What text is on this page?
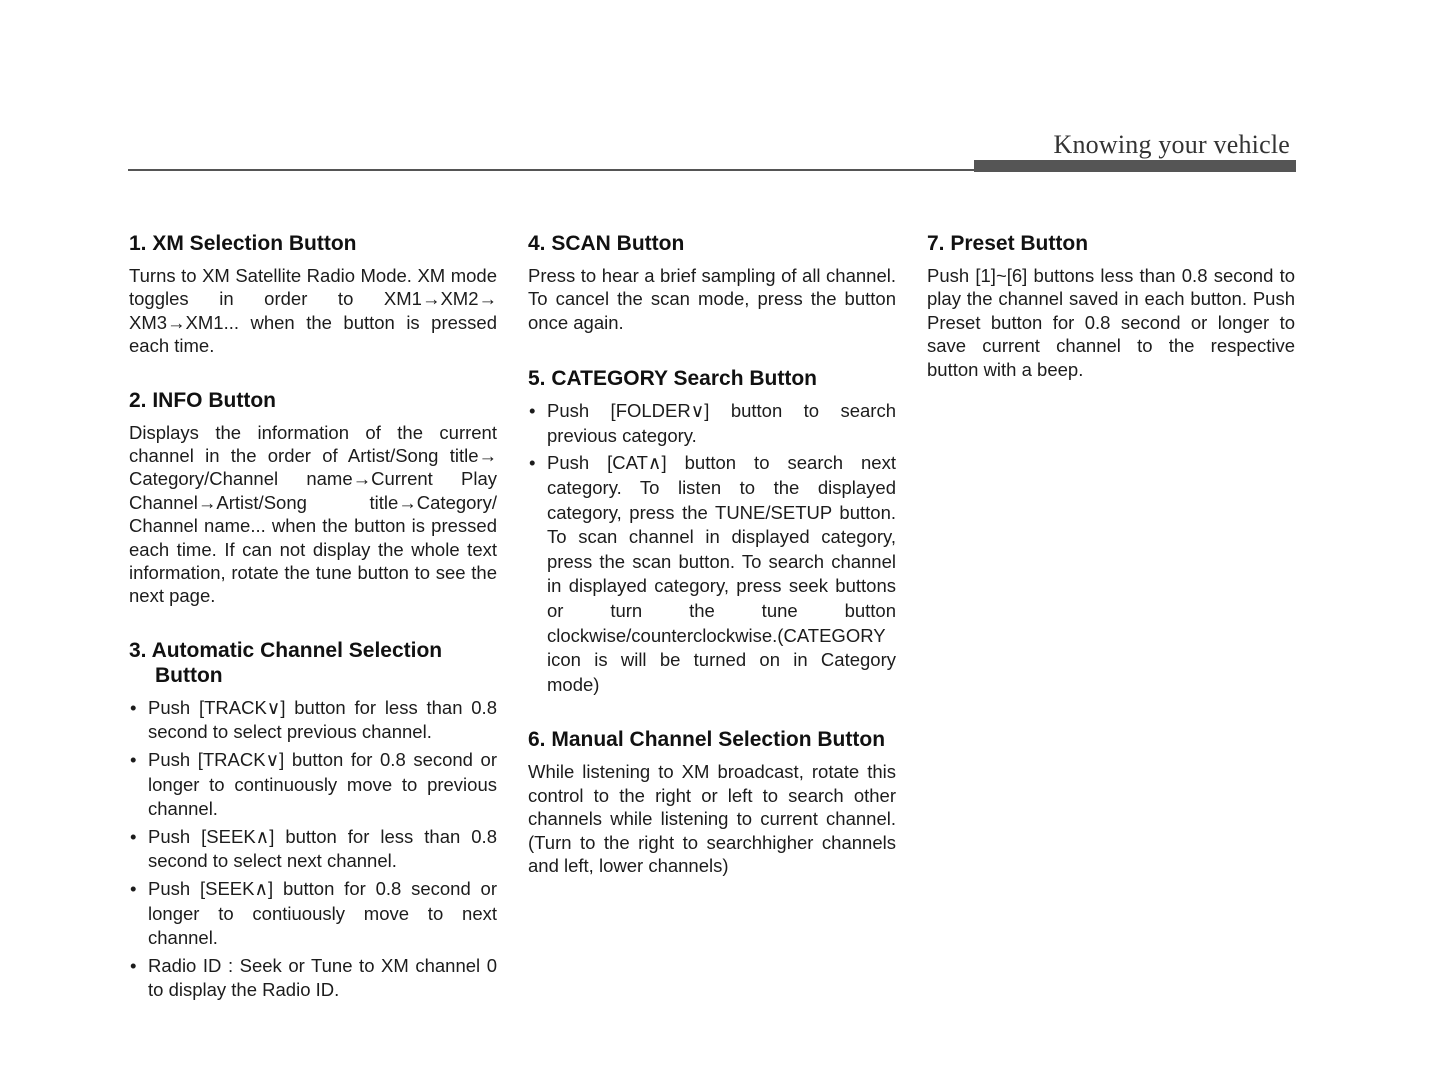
Knowing your vehicle
1. XM Selection Button

Turns to XM Satellite Radio Mode. XM mode toggles in order to XM1→XM2→ XM3→XM1... when the button is pressed each time.

2. INFO Button

Displays the information of the current channel in the order of Artist/Song title→ Category/Channel name→Current Play Channel→Artist/Song title→Category/ Channel name... when the button is pressed each time. If can not display the whole text information, rotate the tune button to see the next page.

3. Automatic Channel Selection Button
• Push [TRACK∨] button for less than 0.8 second to select previous channel.
• Push [TRACK∨] button for 0.8 second or longer to continuously move to previous channel.
• Push [SEEK∧] button for less than 0.8 second to select next channel.
• Push [SEEK∧] button for 0.8 second or longer to contiuously move to next channel.
• Radio ID : Seek or Tune to XM channel 0 to display the Radio ID.
4. SCAN Button

Press to hear a brief sampling of all channel. To cancel the scan mode, press the button once again.

5. CATEGORY Search Button
• Push [FOLDER∨] button to search previous category.
• Push [CAT∧] button to search next category. To listen to the displayed category, press the TUNE/SETUP button. To scan channel in displayed category, press the scan button. To search channel in displayed category, press seek buttons or turn the tune button clockwise/counterclockwise.(CATEGORY icon is will be turned on in Category mode)
6. Manual Channel Selection Button

While listening to XM broadcast, rotate this control to the right or left to search other channels while listening to current channel. (Turn to the right to searchhigher channels and left, lower channels)

7. Preset Button

Push [1]~[6] buttons less than 0.8 second to play the channel saved in each button. Push Preset button for 0.8 second or longer to save current channel to the respective button with a beep.
